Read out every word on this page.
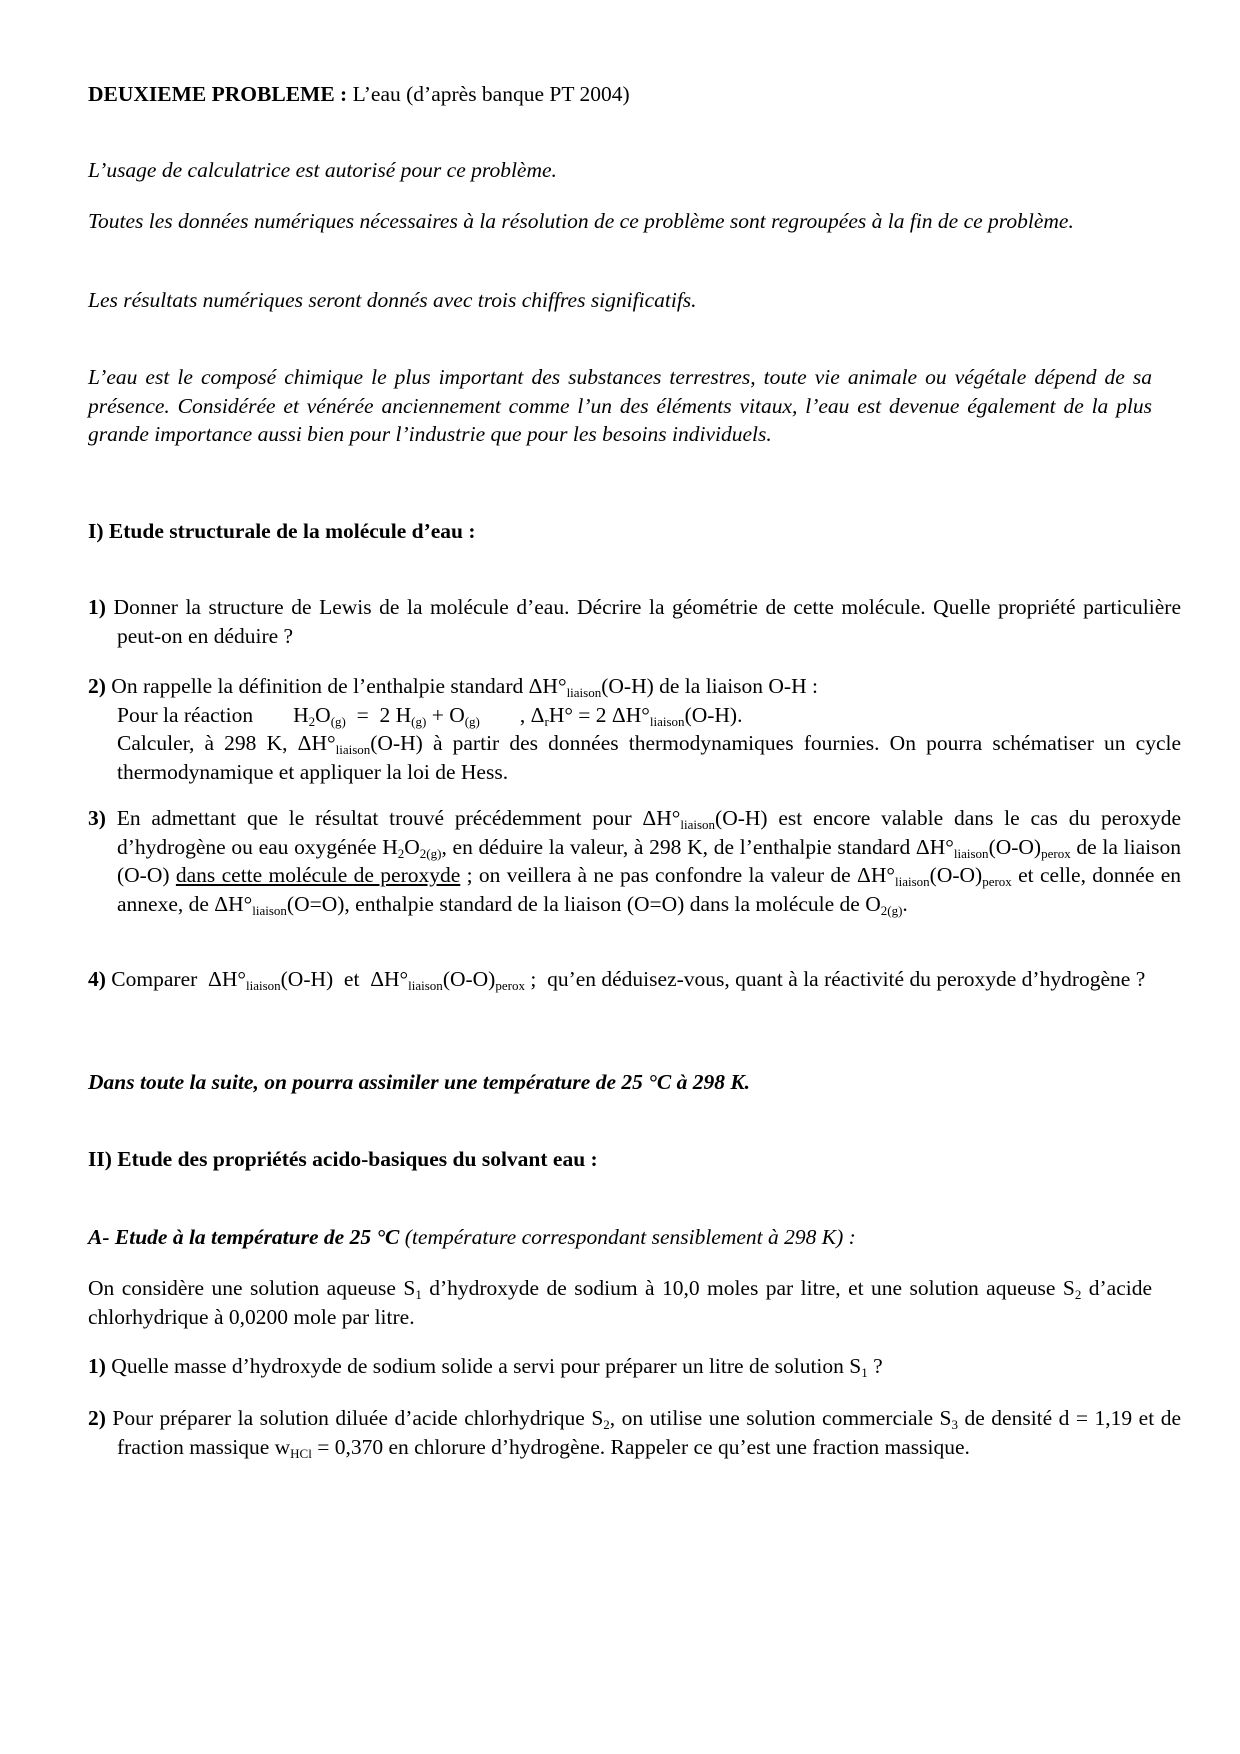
DEUXIEME PROBLEME : L’eau (d’après banque PT 2004)

L’usage de calculatrice est autorisé pour ce problème.

Toutes les données numériques nécessaires à la résolution de ce problème sont regroupées à la fin de ce problème.

Les résultats numériques seront donnés avec trois chiffres significatifs.

L’eau est le composé chimique le plus important des substances terrestres, toute vie animale ou végétale dépend de sa présence. Considérée et vénérée anciennement comme l’un des éléments vitaux, l’eau est devenue également de la plus grande importance aussi bien pour l’industrie que pour les besoins individuels.

I) Etude structurale de la molécule d’eau :

1) Donner la structure de Lewis de la molécule d’eau. Décrire la géométrie de cette molécule. Quelle propriété particulière peut-on en déduire ?

2) On rappelle la définition de l’enthalpie standard $\Delta H^\circ_{liaison}(O-H)$ de la liaison O-H :
Pour la réaction $H_2O_{(g)} = 2$ $H_{(g)} + O_{(g)}$ , $\Delta_rH^\circ = 2$ $\Delta H^\circ_{liaison}(O-H)$.
Calculer, à 298 K, $\Delta H^\circ_{liaison}(O-H)$ à partir des données thermodynamiques fournies. On pourra schématiser un cycle thermodynamique et appliquer la loi de Hess.

3) En admettant que le résultat trouvé précédemment pour $\Delta H^\circ_{liaison}(O-H)$ est encore valable dans le cas du peroxyde d’hydrogène ou eau oxygénée $H_2O_{2(g)}$, en déduire la valeur, à 298 K, de l’enthalpie standard $\Delta H^\circ_{liaison}(O-O)_{perox}$ de la liaison (O-O) dans cette molécule de peroxyde ; on veillera à ne pas confondre la valeur de $\Delta H^\circ_{liaison}(O-O)_{perox}$ et celle, donnée en annexe, de $\Delta H^\circ_{liaison}(O=O)$, enthalpie standard de la liaison (O=O) dans la molécule de $O_{2(g)}$.

4) Comparer  $\Delta H^\circ_{liaison}(O-H)$  et  $\Delta H^\circ_{liaison}(O-O)_{perox}$ ;  qu’en déduisez-vous, quant à la réactivité du peroxyde d’hydrogène ?

Dans toute la suite, on pourra assimiler une température de 25 °C à 298 K.

II) Etude des propriétés acido-basiques du solvant eau :

A- Etude à la température de 25 °C (température correspondant sensiblement à 298 K) :

On considère une solution aqueuse $S_1$ d’hydroxyde de sodium à 10,0 moles par litre, et une solution aqueuse $S_2$ d’acide chlorhydrique à 0,0200 mole par litre.

1) Quelle masse d’hydroxyde de sodium solide a servi pour préparer un litre de solution $S_1$ ?

2) Pour préparer la solution diluée d’acide chlorhydrique $S_2$, on utilise une solution commerciale $S_3$ de densité d = 1,19 et de fraction massique $w_{HCl} = 0,370$ en chlorure d’hydrogène. Rappeler ce qu’est une fraction massique.
